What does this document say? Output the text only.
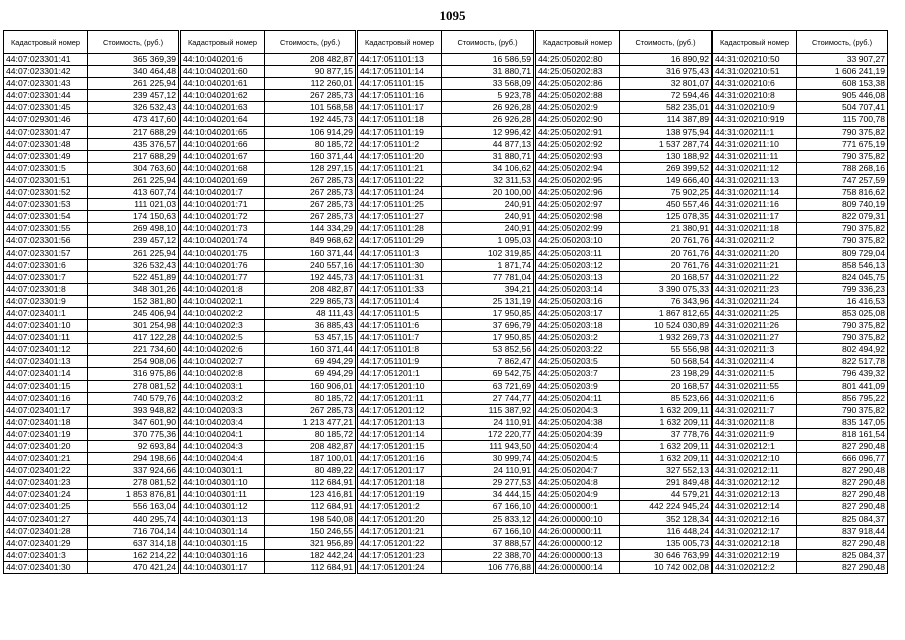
1095
Кадастровый номер	Стоимость, (руб.)
44:07:023301:41	365 369,39
44:07:023301:42	340 464,48
44:07:023301:43	261 225,94
44:07:023301:44	239 457,12
44:07:023301:45	326 532,43
44:07:029301:46	473 417,60
44:07:023301:47	217 688,29
44:07:023301:48	435 376,57
44:07:023301:49	217 688,29
44:07:023301:5	304 763,60
44:07:023301:51	261 225,94
44:07:023301:52	413 607,74
44:07:023301:53	111 021,03
44:07:023301:54	174 150,63
44:07:023301:55	269 498,10
44:07:023301:56	239 457,12
44:07:023301:57	261 225,94
44:07:023301:6	326 532,43
44:07:023301:7	522 451,89
44:07:023301:8	348 301,26
44:07:023301:9	152 381,80
44:07:023401:1	245 406,94
44:07:023401:10	301 254,98
44:07:023401:11	417 122,28
44:07:023401:12	221 734,60
44:07:023401:13	254 908,06
44:07:023401:14	316 975,86
44:07:023401:15	278 081,52
44:07:023401:16	740 579,76
44:07:023401:17	393 948,82
44:07:023401:18	347 601,90
44:07:023401:19	370 775,36
44:07:023401:20	92 693,84
44:07:023401:21	294 198,66
44:07:023401:22	337 924,66
44:07:023401:23	278 081,52
44:07:023401:24	1 853 876,81
44:07:023401:25	556 163,04
44:07:023401:27	440 295,74
44:07:023401:28	716 704,14
44:07:023401:29	637 314,18
44:07:023401:3	162 214,22
44:07:023401:30	470 421,24
Кадастровый номер	Стоимость, (руб.)
44:10:040201:6	208 482,87
44:10:040201:60	90 877,15
44:10:040201:61	112 260,01
44:10:040201:62	267 285,73
44:10:040201:63	101 568,58
44:10:040201:64	192 445,73
44:10:040201:65	106 914,29
44:10:040201:66	80 185,72
44:10:040201:67	160 371,44
44:10:040201:68	128 297,15
44:10:040201:69	267 285,73
44:10:040201:7	267 285,73
44:10:040201:71	267 285,73
44:10:040201:72	267 285,73
44:10:040201:73	144 334,29
44:10:040201:74	849 968,62
44:10:040201:75	160 371,44
44:10:040201:76	240 557,16
44:10:040201:77	192 445,73
44:10:040201:8	208 482,87
44:10:040202:1	229 865,73
44:10:040202:2	48 111,43
44:10:040202:3	36 885,43
44:10:040202:5	53 457,15
44:10:040202:6	160 371,44
44:10:040202:7	69 494,29
44:10:040202:8	69 494,29
44:10:040203:1	160 906,01
44:10:040203:2	80 185,72
44:10:040203:3	267 285,73
44:10:040203:4	1 213 477,21
44:10:040204:1	80 185,72
44:10:040204:3	208 482,87
44:10:040204:4	187 100,01
44:10:040301:1	80 489,22
44:10:040301:10	112 684,91
44:10:040301:11	123 416,81
44:10:040301:12	112 684,91
44:10:040301:13	198 540,08
44:10:040301:14	150 246,55
44:10:040301:15	321 956,89
44:10:040301:16	182 442,24
44:10:040301:17	112 684,91
Кадастровый номер	Стоимость, (руб.)
44:17:051101:13	16 586,59
44:17:051101:14	31 880,71
44:17:051101:15	33 568,09
44:17:051101:16	5 923,78
44:17:051101:17	26 926,28
44:17:051101:18	26 926,28
44:17:051101:19	12 996,42
44:17:051101:2	44 877,13
44:17:051101:20	31 880,71
44:17:051101:21	34 106,62
44:17:051101:22	32 311,53
44:17:051101:24	20 100,00
44:17:051101:25	240,91
44:17:051101:27	240,91
44:17:051101:28	240,91
44:17:051101:29	1 095,03
44:17:051101:3	102 319,85
44:17:051101:30	1 871,74
44:17:051101:31	77 781,04
44:17:051101:33	394,21
44:17:051101:4	25 131,19
44:17:051101:5	17 950,85
44:17:051101:6	37 696,79
44:17:051101:7	17 950,85
44:17:051101:8	53 852,56
44:17:051101:9	7 862,47
44:17:051201:1	69 542,75
44:17:051201:10	63 721,69
44:17:051201:11	27 744,77
44:17:051201:12	115 387,92
44:17:051201:13	24 110,91
44:17:051201:14	172 220,77
44:17:051201:15	111 943,50
44:17:051201:16	30 999,74
44:17:051201:17	24 110,91
44:17:051201:18	29 277,53
44:17:051201:19	34 444,15
44:17:051201:2	67 166,10
44:17:051201:20	25 833,12
44:17:051201:21	67 166,10
44:17:051201:22	37 888,57
44:17:051201:23	22 388,70
44:17:051201:24	106 776,88
Кадастровый номер	Стоимость, (руб.)
44:25:050202:80	16 890,92
44:25:050202:83	316 975,43
44:25:050202:86	32 801,07
44:25:050202:88	72 594,46
44:25:050202:9	582 235,01
44:25:050202:90	114 387,89
44:25:050202:91	138 975,94
44:25:050202:92	1 537 287,74
44:25:050202:93	130 188,92
44:25:050202:94	269 399,52
44:25:050202:95	149 666,40
44:25:050202:96	75 902,25
44:25:050202:97	450 557,46
44:25:050202:98	125 078,35
44:25:050202:99	21 380,91
44:25:050203:10	20 761,76
44:25:050203:11	20 761,76
44:25:050203:12	20 761,76
44:25:050203:13	20 168,57
44:25:050203:14	3 390 075,33
44:25:050203:16	76 343,96
44:25:050203:17	1 867 812,65
44:25:050203:18	10 524 030,89
44:25:050203:2	1 932 269,73
44:25:050203:22	55 556,98
44:25:050203:5	50 568,54
44:25:050203:7	23 198,29
44:25:050203:9	20 168,57
44:25:050204:11	85 523,66
44:25:050204:3	1 632 209,11
44:25:050204:38	1 632 209,11
44:25:050204:39	37 778,76
44:25:050204:4	1 632 209,11
44:25:050204:5	1 632 209,11
44:25:050204:7	327 552,13
44:25:050204:8	291 849,48
44:25:050204:9	44 579,21
44:26:000000:1	442 224 945,24
44:26:000000:10	352 128,34
44:26:000000:11	116 448,24
44:26:000000:12	135 005,73
44:26:000000:13	30 646 763,99
44:26:000000:14	10 742 002,08
Кадастровый номер	Стоимость, (руб.)
44:31:020210:50	33 907,27
44:31:020210:51	1 606 241,19
44:31:020210:6	608 153,38
44:31:020210:8	905 446,08
44:31:020210:9	504 707,41
44:31:020210:919	115 700,78
44:31:020211:1	790 375,82
44:31:020211:10	771 675,19
44:31:020211:11	790 375,82
44:31:020211:12	788 268,16
44:31:020211:13	747 257,59
44:31:020211:14	758 816,62
44:31:020211:16	809 740,19
44:31:020211:17	822 079,31
44:31:020211:18	790 375,82
44:31:020211:2	790 375,82
44:31:020211:20	809 729,04
44:31:020211:21	858 546,13
44:31:020211:22	824 045,75
44:31:020211:23	799 336,23
44:31:020211:24	16 416,53
44:31:020211:25	853 025,08
44:31:020211:26	790 375,82
44:31:020211:27	790 375,82
44:31:020211:3	802 494,92
44:31:020211:4	822 517,78
44:31:020211:5	796 439,32
44:31:020211:55	801 441,09
44:31:020211:6	856 795,22
44:31:020211:7	790 375,82
44:31:020211:8	835 147,05
44:31:020211:9	818 161,54
44:31:020212:1	827 290,48
44:31:020212:10	666 096,77
44:31:020212:11	827 290,48
44:31:020212:12	827 290,48
44:31:020212:13	827 290,48
44:31:020212:14	827 290,48
44:31:020212:16	825 084,37
44:31:020212:17	837 918,44
44:31:020212:18	827 290,48
44:31:020212:19	825 084,37
44:31:020212:2	827 290,48
